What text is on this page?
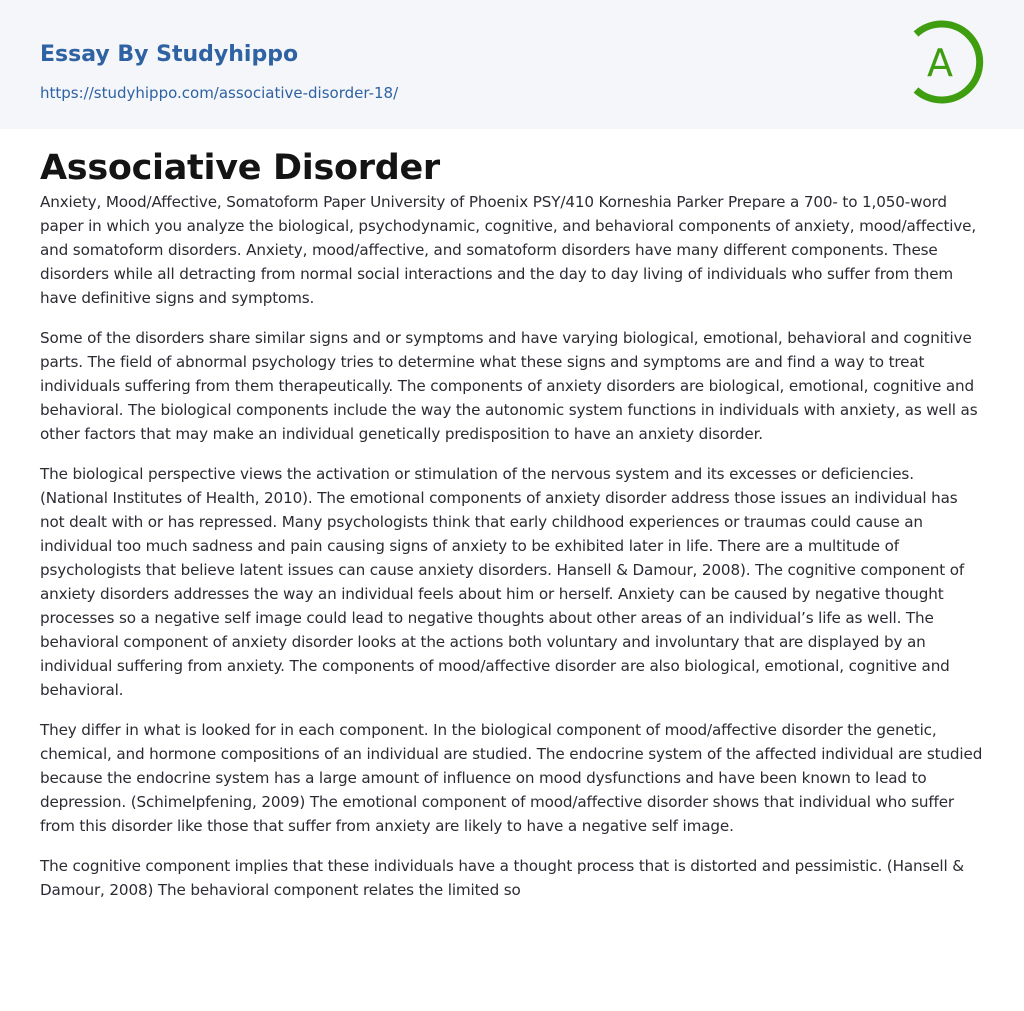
Essay By Studyhippo
https://studyhippo.com/associative-disorder-18/
A
Associative Disorder

Anxiety, Mood/Affective, Somatoform Paper University of Phoenix PSY/410 Korneshia Parker Prepare a 700- to 1,050-word paper in which you analyze the biological, psychodynamic, cognitive, and behavioral components of anxiety, mood/affective, and somatoform disorders. Anxiety, mood/affective, and somatoform disorders have many different components. These disorders while all detracting from normal social interactions and the day to day living of individuals who suffer from them have definitive signs and symptoms.

Some of the disorders share similar signs and or symptoms and have varying biological, emotional, behavioral and cognitive parts. The field of abnormal psychology tries to determine what these signs and symptoms are and find a way to treat individuals suffering from them therapeutically. The components of anxiety disorders are biological, emotional, cognitive and behavioral. The biological components include the way the autonomic system functions in individuals with anxiety, as well as other factors that may make an individual genetically predisposition to have an anxiety disorder.

The biological perspective views the activation or stimulation of the nervous system and its excesses or deficiencies. (National Institutes of Health, 2010). The emotional components of anxiety disorder address those issues an individual has not dealt with or has repressed. Many psychologists think that early childhood experiences or traumas could cause an individual too much sadness and pain causing signs of anxiety to be exhibited later in life. There are a multitude of psychologists that believe latent issues can cause anxiety disorders. Hansell & Damour, 2008). The cognitive component of anxiety disorders addresses the way an individual feels about him or herself. Anxiety can be caused by negative thought processes so a negative self image could lead to negative thoughts about other areas of an individual’s life as well. The behavioral component of anxiety disorder looks at the actions both voluntary and involuntary that are displayed by an individual suffering from anxiety. The components of mood/affective disorder are also biological, emotional, cognitive and behavioral.

They differ in what is looked for in each component. In the biological component of mood/affective disorder the genetic, chemical, and hormone compositions of an individual are studied. The endocrine system of the affected individual are studied because the endocrine system has a large amount of influence on mood dysfunctions and have been known to lead to depression. (Schimelpfening, 2009) The emotional component of mood/affective disorder shows that individual who suffer from this disorder like those that suffer from anxiety are likely to have a negative self image.

The cognitive component implies that these individuals have a thought process that is distorted and pessimistic. (Hansell & Damour, 2008) The behavioral component relates the limited so
